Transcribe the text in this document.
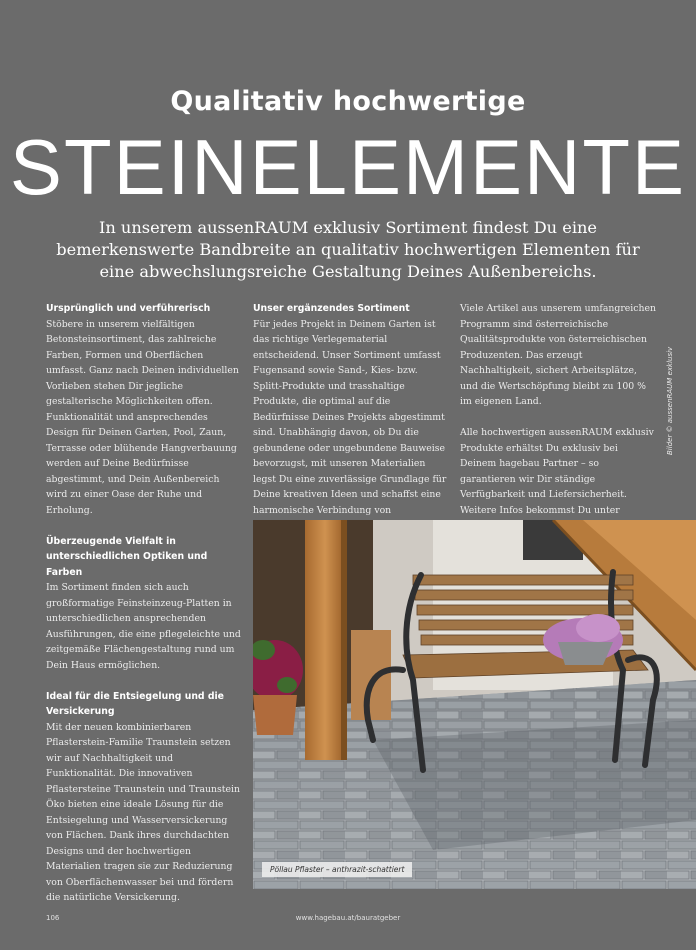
Qualitativ hochwertige
STEINELEMENTE
In unserem aussenRAUM exklusiv Sortiment findest Du eine bemerkenswerte Bandbreite an qualitativ hochwertigen Elementen für eine abwechslungsreiche Gestaltung Deines Außenbereichs.
Ursprünglich und verführerisch

Stöbere in unserem vielfältigen Betonsteinsortiment, das zahlreiche Farben, Formen und Oberflächen umfasst. Ganz nach Deinen individuellen Vorlieben stehen Dir jegliche gestalterische Möglichkeiten offen. Funktionalität und ansprechendes Design für Deinen Garten, Pool, Zaun, Terrasse oder blühende Hangverbauung werden auf Deine Bedürfnisse abgestimmt, und Dein Außenbereich wird zu einer Oase der Ruhe und Erholung.

Überzeugende Vielfalt in unterschiedlichen Optiken und Farben

Im Sortiment finden sich auch großformatige Feinsteinzeug-Platten in unterschiedlichen ansprechenden Ausführungen, die eine pflegeleichte und zeitgemäße Flächengestaltung rund um Dein Haus ermöglichen.

Ideal für die Entsiegelung und die Versickerung

Mit der neuen kombinierbaren Pflasterstein-Familie Traunstein setzen wir auf Nachhaltigkeit und Funktionalität. Die innovativen Pflastersteine Traunstein und Traunstein Öko bieten eine ideale Lösung für die Entsiegelung und Wasserversickerung von Flächen. Dank ihres durchdachten Designs und der hochwertigen Materialien tragen sie zur Reduzierung von Oberflächenwasser bei und fördern die natürliche Versickerung.

Unser ergänzendes Sortiment

Für jedes Projekt in Deinem Garten ist das richtige Verlegematerial entscheidend. Unser Sortiment umfasst Fugensand sowie Sand-, Kies- bzw. Splitt-Produkte und trasshaltige Produkte, die optimal auf die Bedürfnisse Deines Projekts abgestimmt sind. Unabhängig davon, ob Du die gebundene oder ungebundene Bauweise bevorzugst, mit unseren Materialien legst Du eine zuverlässige Grundlage für Deine kreativen Ideen und schaffst eine harmonische Verbindung von

Viele Artikel aus unserem umfangreichen Programm sind österreichische Qualitätsprodukte von österreichischen Produzenten. Das erzeugt Nachhaltigkeit, sichert Arbeitsplätze, und die Wertschöpfung bleibt zu 100 % im eigenen Land.

Alle hochwertigen aussenRAUM exklusiv Produkte erhältst Du exklusiv bei Deinem hagebau Partner – so garantieren wir Dir ständige Verfügbarkeit und Liefersicherheit.

Weitere Infos bekommst Du unter

Bilder © aussenRAUM exklusiv
Pöllau Pflaster – anthrazit-schattiert
106	www.hagebau.at/bauratgeber
